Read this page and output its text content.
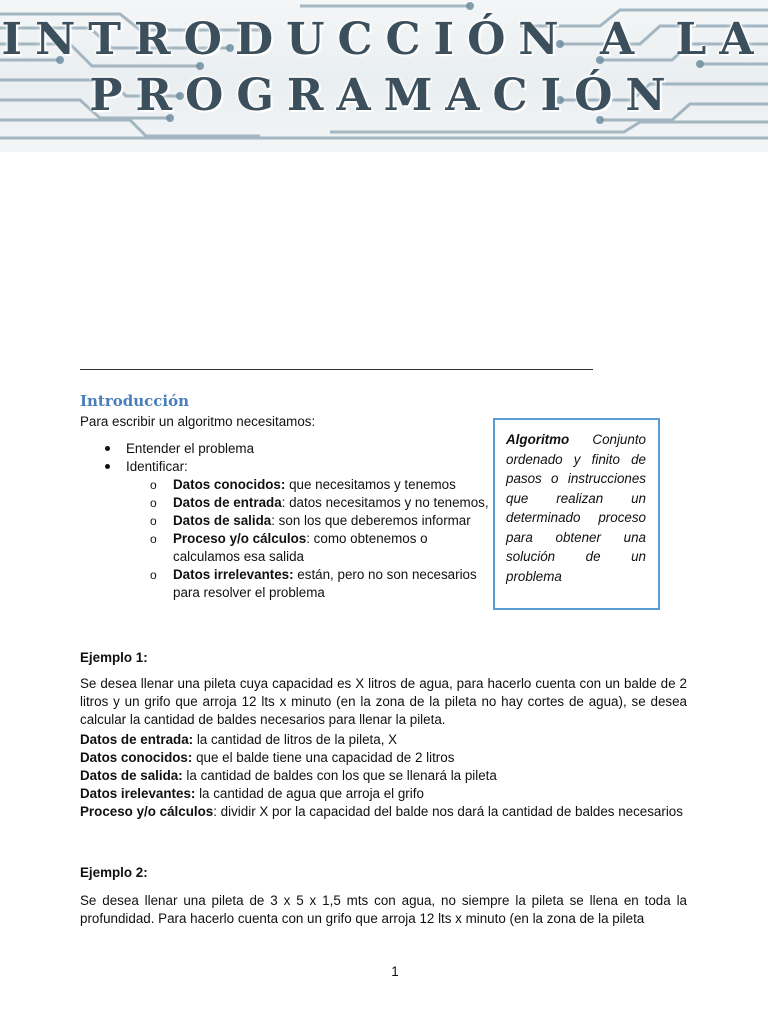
INTRODUCCIÓN A LA
PROGRAMACIÓN
Introducción
Para escribir un algoritmo necesitamos:
Entender el problema
Identificar:
o Datos conocidos: que necesitamos y tenemos
o Datos de entrada: datos necesitamos y no tenemos,
o Datos de salida: son los que deberemos informar
o Proceso y/o cálculos: como obtenemos o calculamos esa salida
o Datos irrelevantes: están, pero no son necesarios para resolver el problema
Algoritmo Conjunto ordenado y finito de pasos o instrucciones que realizan un determinado proceso para obtener una solución de un problema
Ejemplo 1:

Se desea llenar una pileta cuya capacidad es X litros de agua, para hacerlo cuenta con un balde de 2 litros y un grifo que arroja 12 lts x minuto (en la zona de la pileta no hay cortes de agua), se desea calcular la cantidad de baldes necesarios para llenar la pileta.

Datos de entrada: la cantidad de litros de la pileta, X
Datos conocidos: que el balde tiene una capacidad de 2 litros
Datos de salida: la cantidad de baldes con los que se llenará la pileta
Datos irelevantes: la cantidad de agua que arroja el grifo
Proceso y/o cálculos: dividir X por la capacidad del balde nos dará la cantidad de baldes necesarios
Ejemplo 2:

Se desea llenar una pileta de 3 x 5 x 1,5 mts con agua, no siempre la pileta se llena en toda la profundidad. Para hacerlo cuenta con un grifo que arroja 12 lts x minuto (en la zona de la pileta

1
